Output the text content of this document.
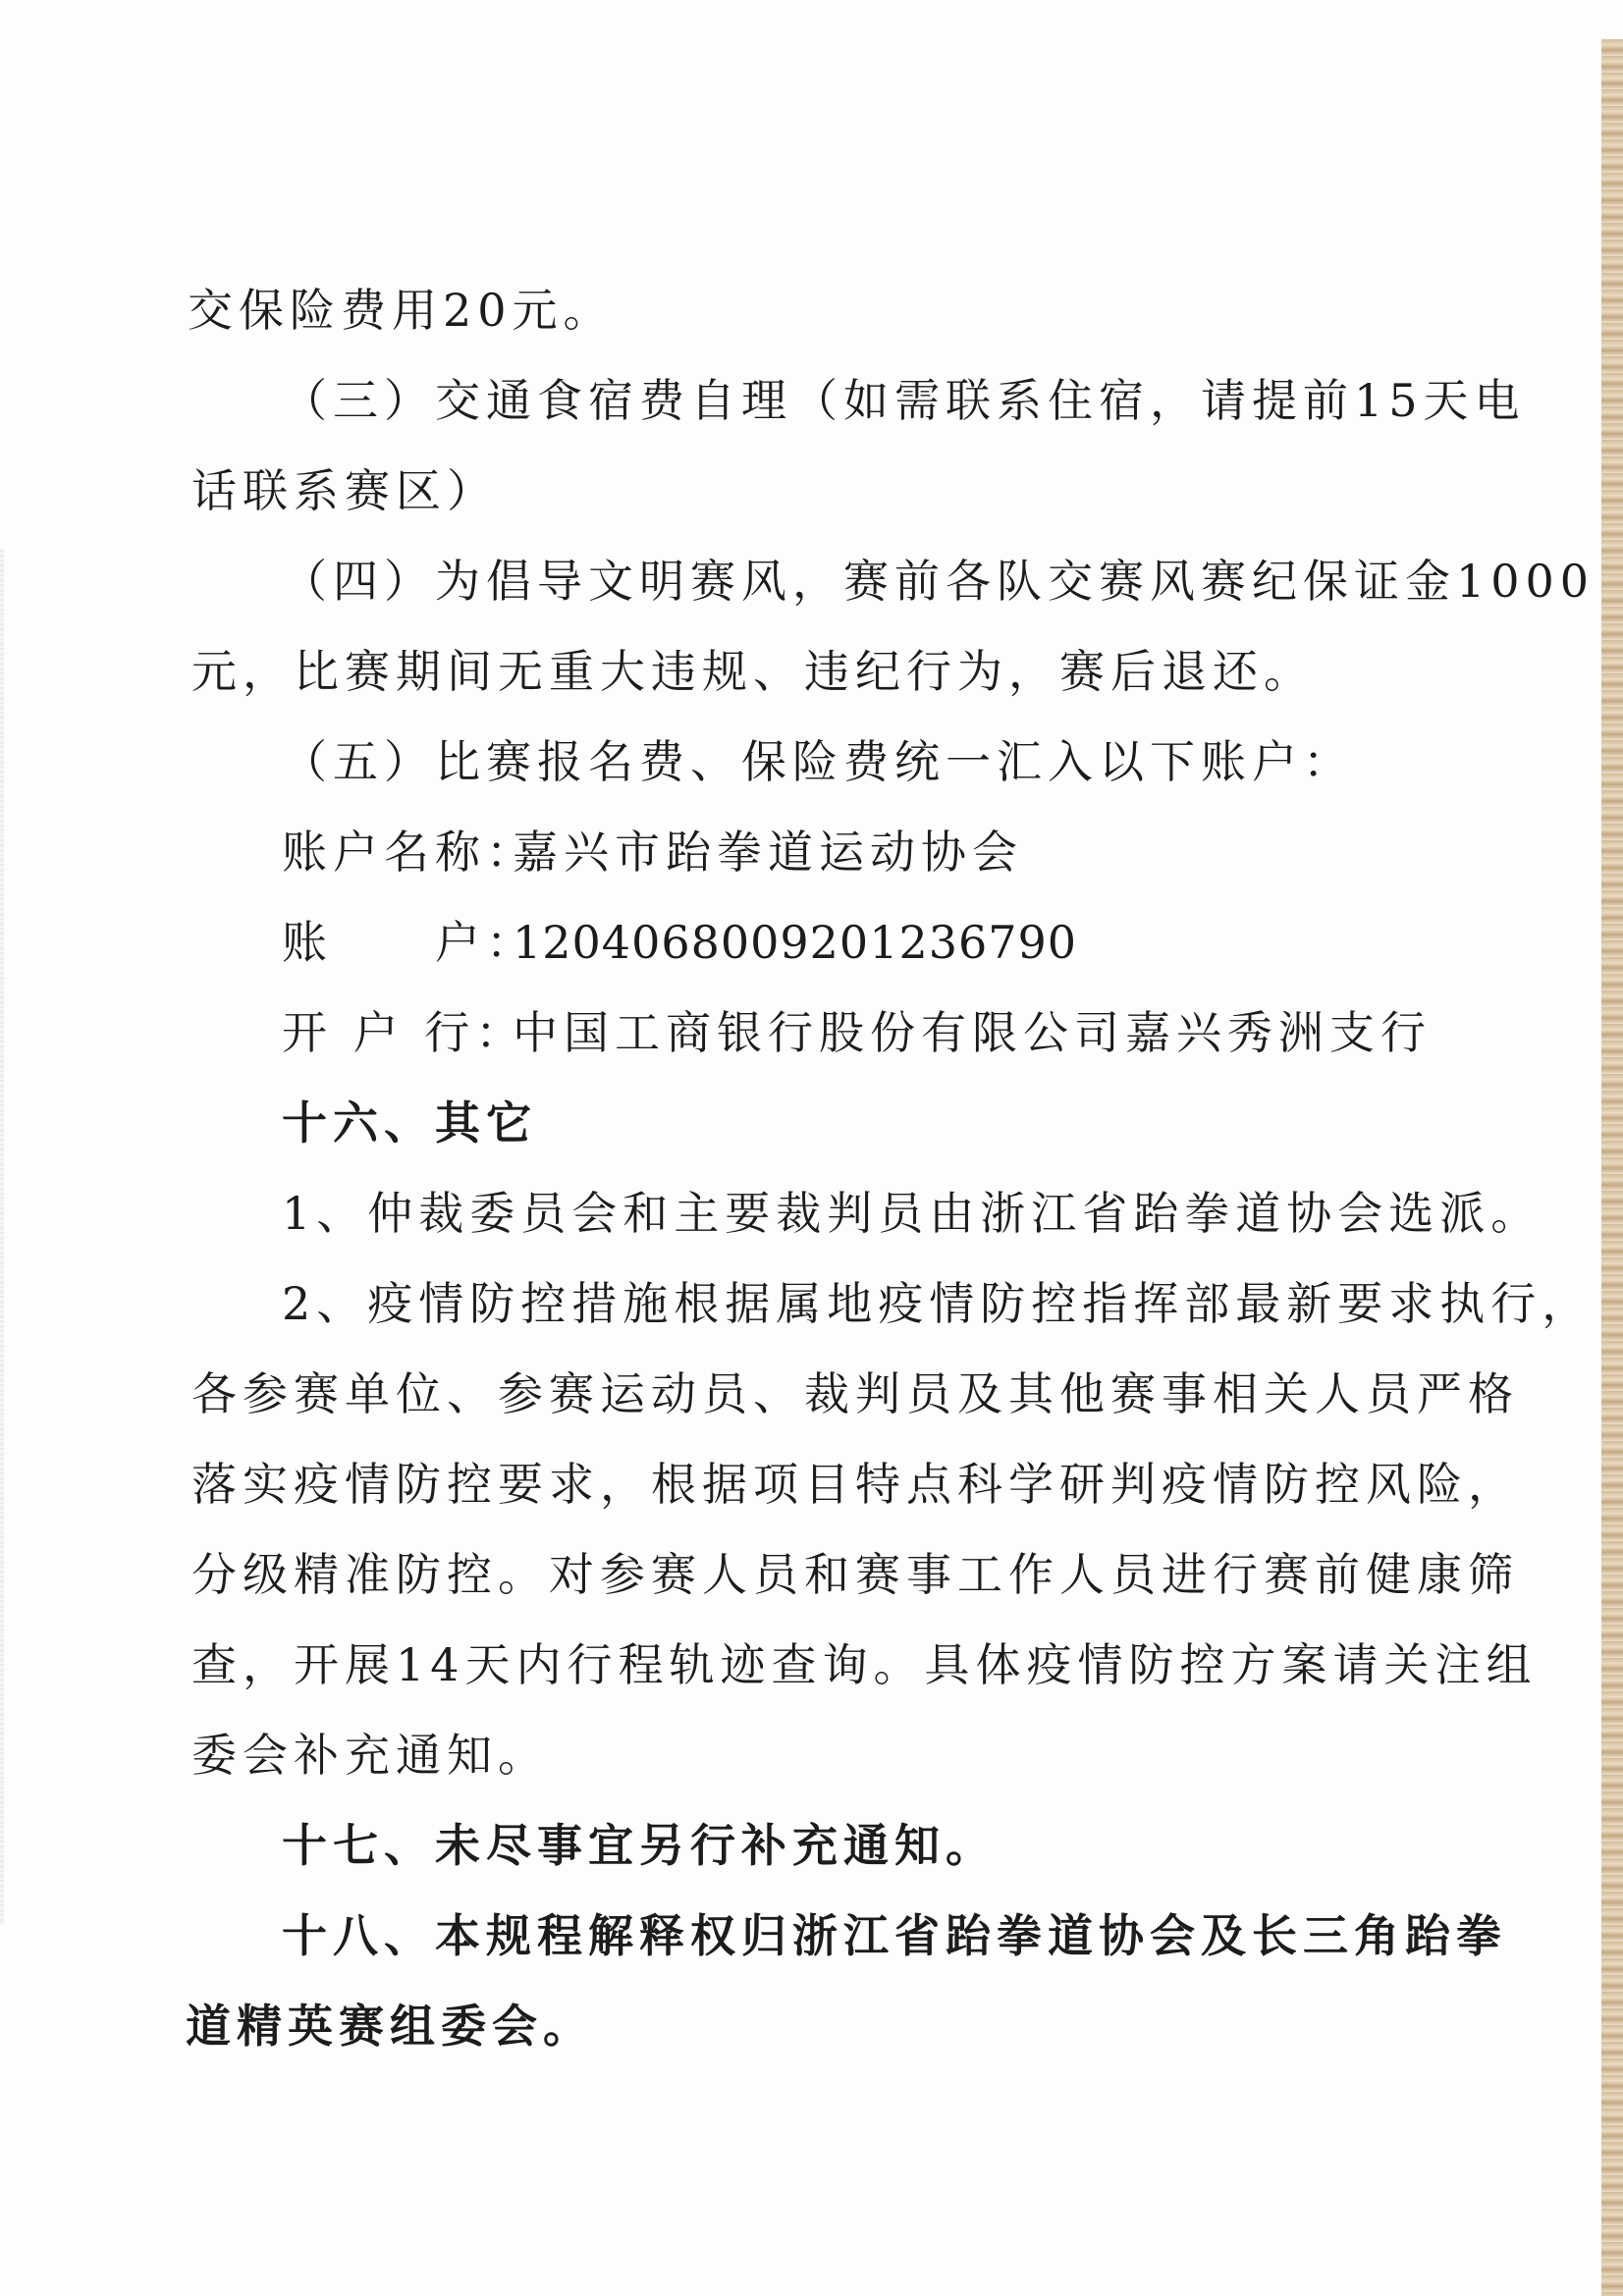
交保险费用20元。
（三）交通食宿费自理（如需联系住宿，请提前15天电
话联系赛区）
（四）为倡导文明赛风，赛前各队交赛风赛纪保证金1000
元，比赛期间无重大违规、违纪行为，赛后退还。
（五）比赛报名费、保险费统一汇入以下账户：
账户名称：嘉兴市跆拳道运动协会
账　　户：1204068009201236790
开 户 行：中国工商银行股份有限公司嘉兴秀洲支行
十六、其它
1、仲裁委员会和主要裁判员由浙江省跆拳道协会选派。
2、疫情防控措施根据属地疫情防控指挥部最新要求执行，
各参赛单位、参赛运动员、裁判员及其他赛事相关人员严格
落实疫情防控要求，根据项目特点科学研判疫情防控风险，
分级精准防控。对参赛人员和赛事工作人员进行赛前健康筛
查，开展14天内行程轨迹查询。具体疫情防控方案请关注组
委会补充通知。
十七、未尽事宜另行补充通知。
十八、本规程解释权归浙江省跆拳道协会及长三角跆拳
道精英赛组委会。
